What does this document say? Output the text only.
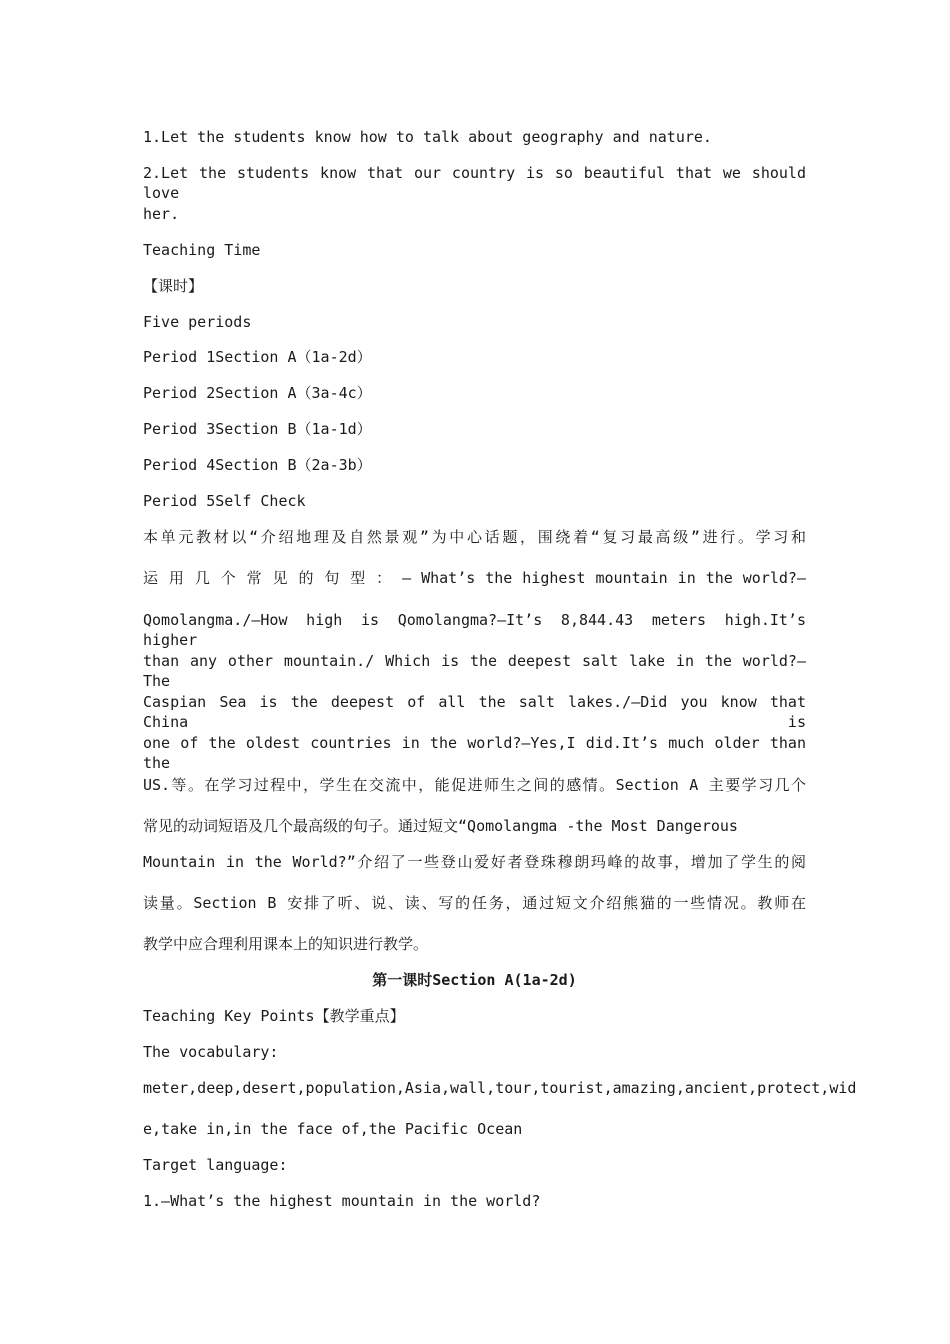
1.Let the students know how to talk about geography and nature.
2.Let the students know that our country is so beautiful that we should love
her.
Teaching Time
【课时】
Five periods
Period 1Section A（1a-2d）
Period 2Section A（3a-4c）
Period 3Section B（1a-1d）
Period 4Section B（2a-3b）
Period 5Self Check
本单元教材以“介绍地理及自然景观”为中心话题，围绕着“复习最高级”进行。学习和
运 用 几 个 常 见 的 句 型 ： — What’s the highest mountain in the world?—
Qomolangma./—How high is Qomolangma?—It’s 8,844.43 meters high.It’s higher
than any other mountain./ Which is the deepest salt lake in the world?—The
Caspian Sea is the deepest of all the salt lakes./—Did you know that China is
one of the oldest countries in the world?—Yes,I did.It’s much older than the
US.等。在学习过程中，学生在交流中，能促进师生之间的感情。Section A 主要学习几个
常见的动词短语及几个最高级的句子。通过短文“Qomolangma -the Most Dangerous
Mountain in the World?”介绍了一些登山爱好者登珠穆朗玛峰的故事，增加了学生的阅
读量。Section B 安排了听、说、读、写的任务，通过短文介绍熊猫的一些情况。教师在
教学中应合理利用课本上的知识进行教学。
第一课时Section A(1a-2d)
Teaching Key Points【教学重点】
The vocabulary:
meter,deep,desert,population,Asia,wall,tour,tourist,amazing,ancient,protect,wid
e,take in,in the face of,the Pacific Ocean
Target language:
1.—What’s the highest mountain in the world?
